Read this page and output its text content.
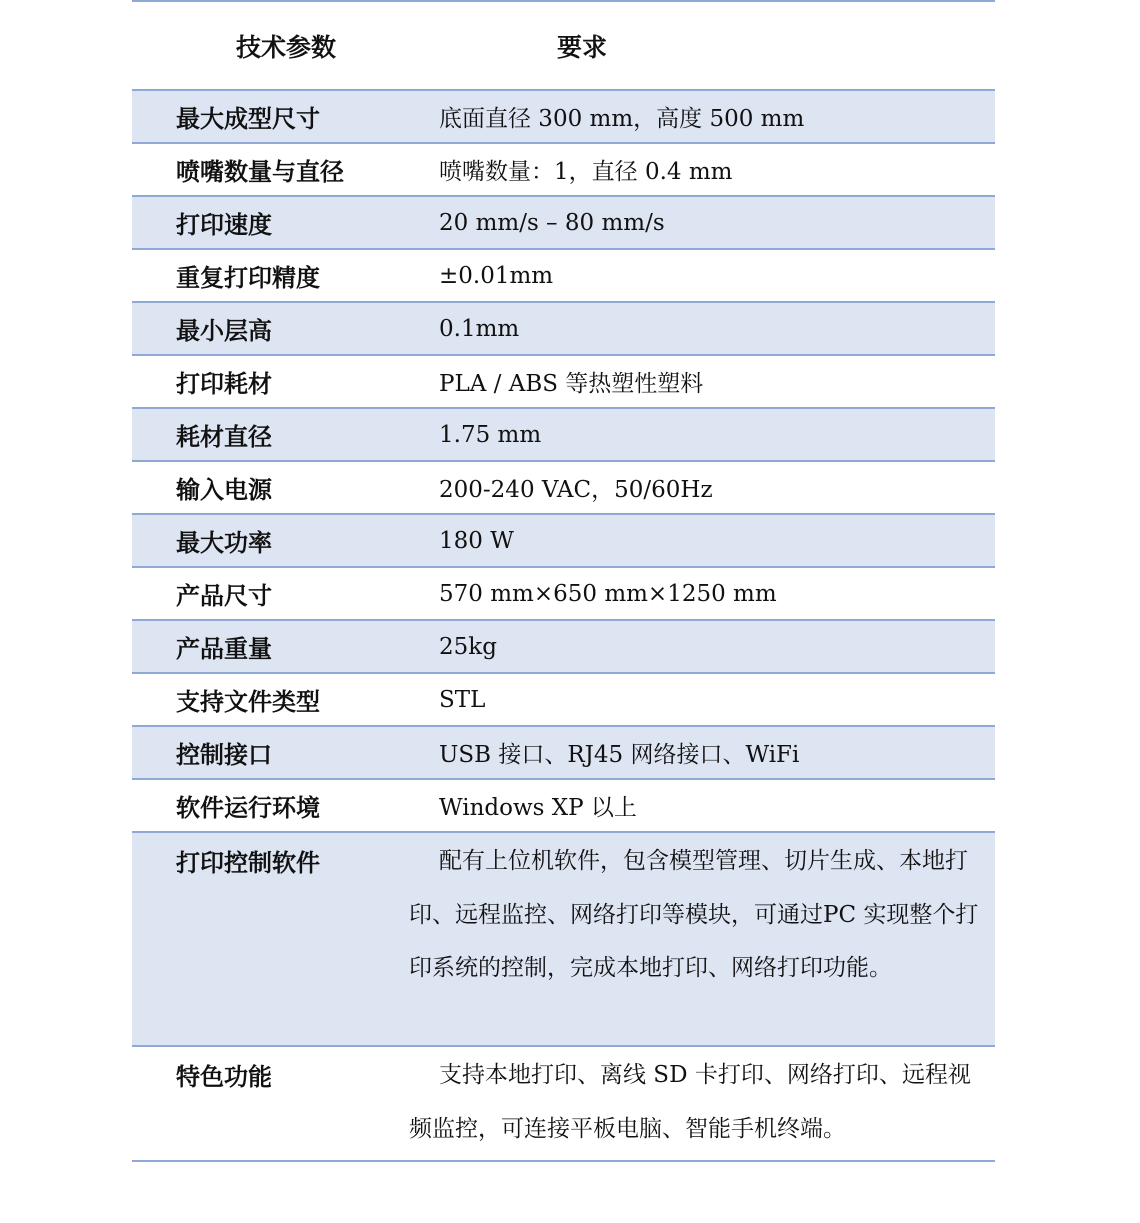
技术参数	要求
最大成型尺寸	底面直径 300 mm，高度 500 mm
喷嘴数量与直径	喷嘴数量：1，直径 0.4 mm
打印速度	20 mm/s – 80 mm/s
重复打印精度	±0.01mm
最小层高	0.1mm
打印耗材	PLA / ABS 等热塑性塑料
耗材直径	1.75 mm
输入电源	200-240 VAC，50/60Hz
最大功率	180 W
产品尺寸	570 mm×650 mm×1250 mm
产品重量	25kg
支持文件类型	STL
控制接口	USB 接口、RJ45 网络接口、WiFi
软件运行环境	Windows XP 以上
打印控制软件	配有上位机软件，包含模型管理、切片生成、本地打印、远程监控、网络打印等模块，可通过PC 实现整个打印系统的控制，完成本地打印、网络打印功能。
特色功能	支持本地打印、离线 SD 卡打印、网络打印、远程视频监控，可连接平板电脑、智能手机终端。
